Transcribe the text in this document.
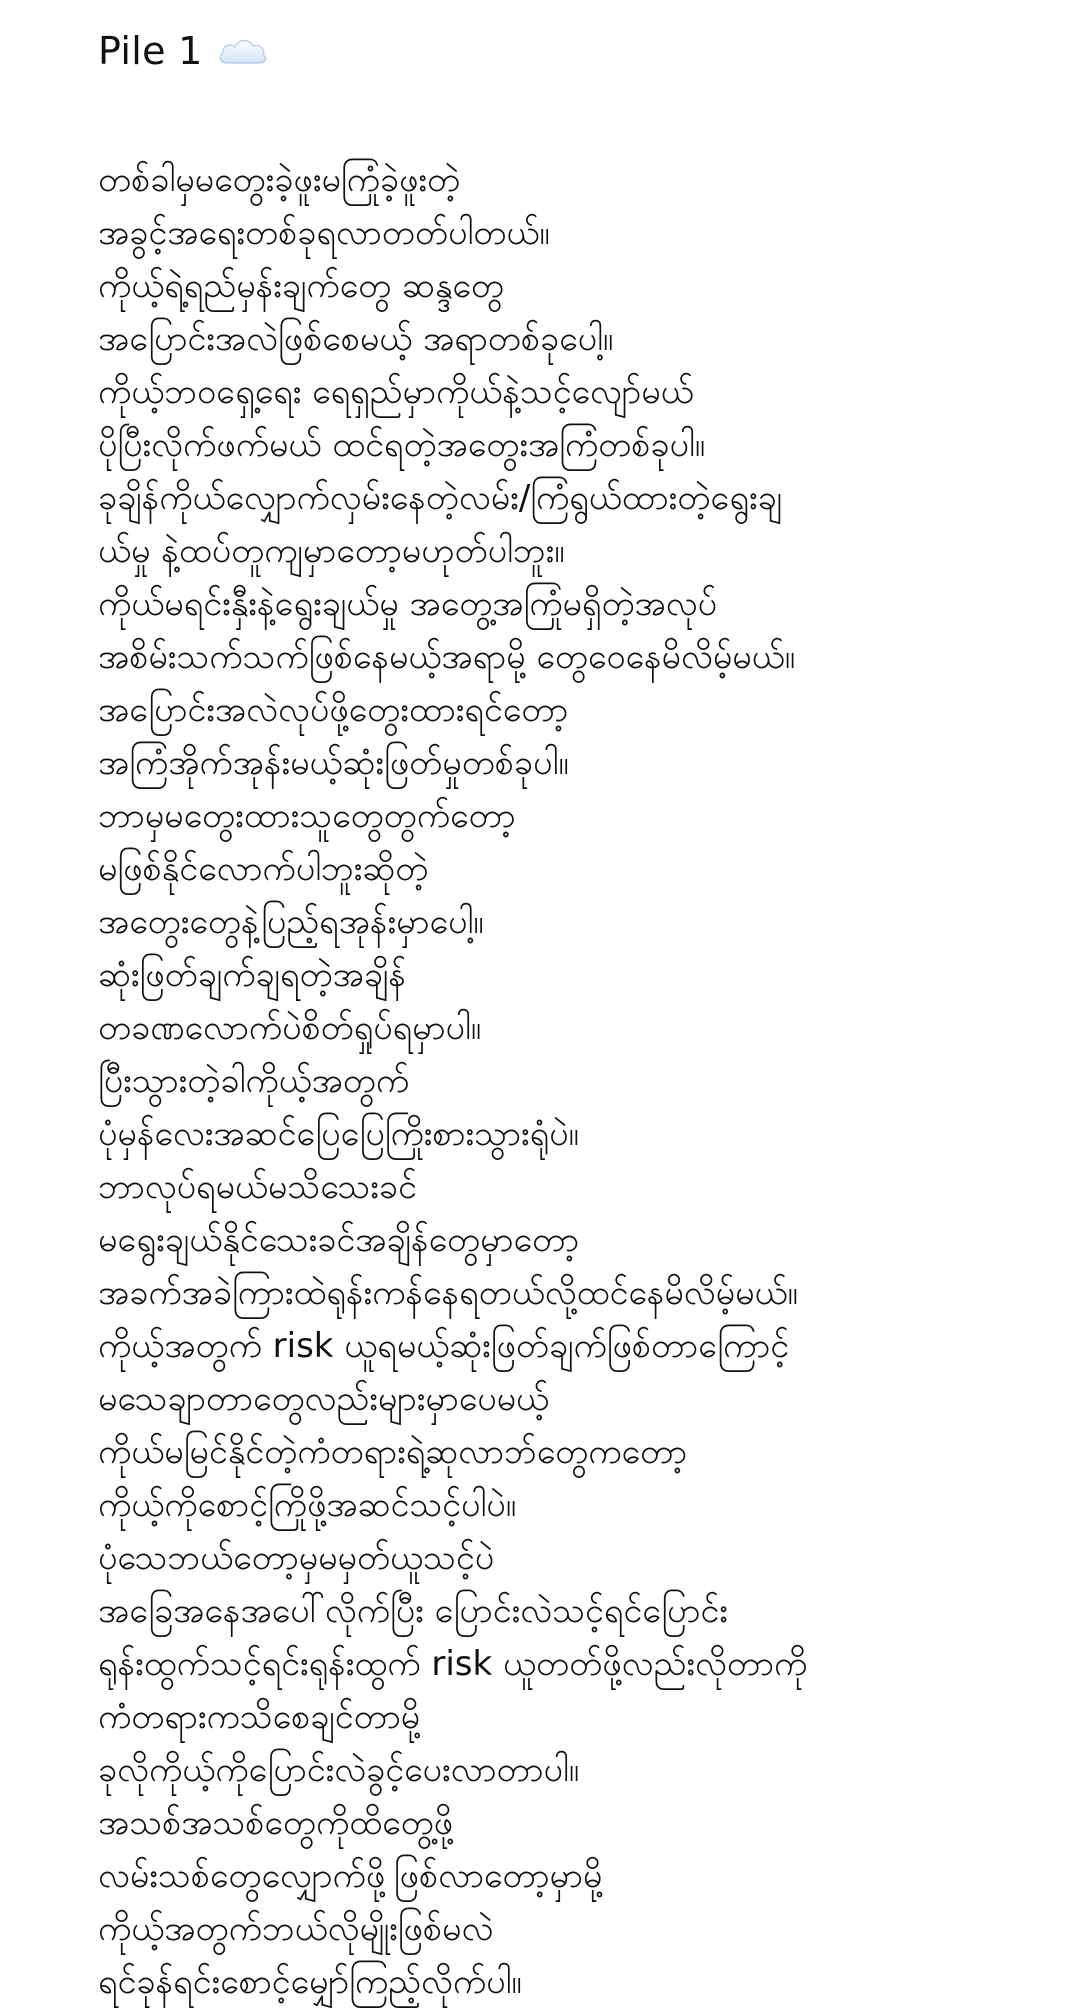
Pile 1
တစ်ခါမှမတွေးခဲ့ဖူးမကြုံခဲ့ဖူးတဲ့
အခွင့်အရေးတစ်ခုရလာတတ်ပါတယ်။
ကိုယ့်ရဲ့ရည်မှန်းချက်တွေ ဆန္ဒတွေ
အပြောင်းအလဲဖြစ်စေမယ့် အရာတစ်ခုပေါ့။
ကိုယ့်ဘဝရှေ့ရေး ရေရှည်မှာကိုယ်နဲ့သင့်လျော်မယ်
ပိုပြီးလိုက်ဖက်မယ် ထင်ရတဲ့အတွေးအကြံတစ်ခုပါ။
ခုချိန်ကိုယ်လျှောက်လှမ်းနေတဲ့လမ်း/ကြံရွယ်ထားတဲ့ရွေးချ
ယ်မှု နဲ့ထပ်တူကျမှာတော့မဟုတ်ပါဘူး။
ကိုယ်မရင်းနှီးနဲ့ရွေးချယ်မှု အတွေ့အကြုံမရှိတဲ့အလုပ်
အစိမ်းသက်သက်ဖြစ်နေမယ့်အရာမို့ တွေဝေနေမိလိမ့်မယ်။
အပြောင်းအလဲလုပ်ဖို့တွေးထားရင်တော့
အကြံအိုက်အုန်းမယ့်ဆုံးဖြတ်မှုတစ်ခုပါ။
ဘာမှမတွေးထားသူတွေတွက်တော့
မဖြစ်နိုင်လောက်ပါဘူးဆိုတဲ့
အတွေးတွေနဲ့ပြည့်ရအုန်းမှာပေါ့။
ဆုံးဖြတ်ချက်ချရတဲ့အချိန်
တခဏလောက်ပဲစိတ်ရှုပ်ရမှာပါ။
ပြီးသွားတဲ့ခါကိုယ့်အတွက်
ပုံမှန်လေးအဆင်ပြေပြေကြိုးစားသွားရုံပဲ။
ဘာလုပ်ရမယ်မသိသေးခင်
မရွေးချယ်နိုင်သေးခင်အချိန်တွေမှာတော့
အခက်အခဲကြားထဲရုန်းကန်နေရတယ်လို့ထင်နေမိလိမ့်မယ်။
ကိုယ့်အတွက် risk ယူရမယ့်ဆုံးဖြတ်ချက်ဖြစ်တာကြောင့်
မသေချာတာတွေလည်းများမှာပေမယ့်
ကိုယ်မမြင်နိုင်တဲ့ကံတရားရဲ့ဆုလာဘ်တွေကတော့
ကိုယ့်ကိုစောင့်ကြိုဖို့အဆင်သင့်ပါပဲ။
ပုံသေဘယ်တော့မှမမှတ်ယူသင့်ပဲ
အခြေအနေအပေါ်လိုက်ပြီး ပြောင်းလဲသင့်ရင်ပြောင်း
ရုန်းထွက်သင့်ရင်းရုန်းထွက် risk ယူတတ်ဖို့လည်းလိုတာကို
ကံတရားကသိစေချင်တာမို့
ခုလိုကိုယ့်ကိုပြောင်းလဲခွင့်ပေးလာတာပါ။
အသစ်အသစ်တွေကိုထိတွေ့ဖို့
လမ်းသစ်တွေလျှောက်ဖို့ဖြစ်လာတော့မှာမို့
ကိုယ့်အတွက်ဘယ်လိုမျိုးဖြစ်မလဲ
ရင်ခုန်ရင်းစောင့်မျှော်ကြည့်လိုက်ပါ။
